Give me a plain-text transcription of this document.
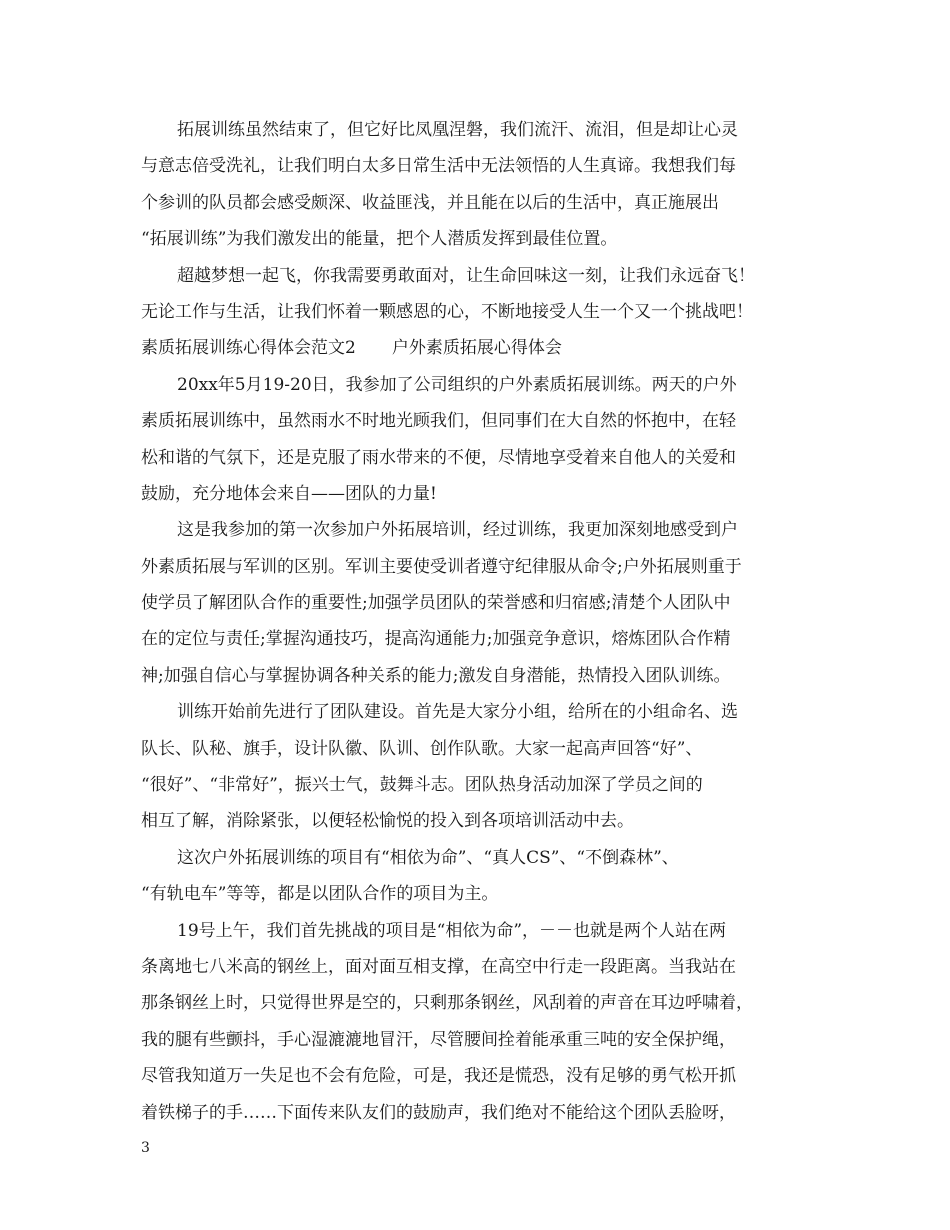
拓展训练虽然结束了，但它好比凤凰涅磐，我们流汗、流泪，但是却让心灵
与意志倍受洗礼，让我们明白太多日常生活中无法领悟的人生真谛。我想我们每
个参训的队员都会感受颇深、收益匪浅，并且能在以后的生活中，真正施展出
“拓展训练”为我们激发出的能量，把个人潜质发挥到最佳位置。
超越梦想一起飞，你我需要勇敢面对，让生命回味这一刻，让我们永远奋飞！
无论工作与生活，让我们怀着一颗感恩的心，不断地接受人生一个又一个挑战吧！
素质拓展训练心得体会范文2 户外素质拓展心得体会
20xx年5月19-20日，我参加了公司组织的户外素质拓展训练。两天的户外
素质拓展训练中，虽然雨水不时地光顾我们，但同事们在大自然的怀抱中，在轻
松和谐的气氛下，还是克服了雨水带来的不便，尽情地享受着来自他人的关爱和
鼓励，充分地体会来自——团队的力量!
这是我参加的第一次参加户外拓展培训，经过训练，我更加深刻地感受到户
外素质拓展与军训的区别。军训主要使受训者遵守纪律服从命令;户外拓展则重于
使学员了解团队合作的重要性;加强学员团队的荣誉感和归宿感;清楚个人团队中
在的定位与责任;掌握沟通技巧，提高沟通能力;加强竞争意识，熔炼团队合作精
神;加强自信心与掌握协调各种关系的能力;激发自身潜能，热情投入团队训练。
训练开始前先进行了团队建设。首先是大家分小组，给所在的小组命名、选
队长、队秘、旗手，设计队徽、队训、创作队歌。大家一起高声回答“好”、
“很好”、“非常好”，振兴士气，鼓舞斗志。团队热身活动加深了学员之间的
相互了解，消除紧张，以便轻松愉悦的投入到各项培训活动中去。
这次户外拓展训练的项目有“相依为命”、“真人CS”、“不倒森林”、
“有轨电车”等等，都是以团队合作的项目为主。
19号上午，我们首先挑战的项目是“相依为命”，－－也就是两个人站在两
条离地七八米高的钢丝上，面对面互相支撑，在高空中行走一段距离。当我站在
那条钢丝上时，只觉得世界是空的，只剩那条钢丝，风刮着的声音在耳边呼啸着，
我的腿有些颤抖，手心湿漉漉地冒汗，尽管腰间拴着能承重三吨的安全保护绳，
尽管我知道万一失足也不会有危险，可是，我还是慌恐，没有足够的勇气松开抓
着铁梯子的手……下面传来队友们的鼓励声，我们绝对不能给这个团队丢脸呀，
3
